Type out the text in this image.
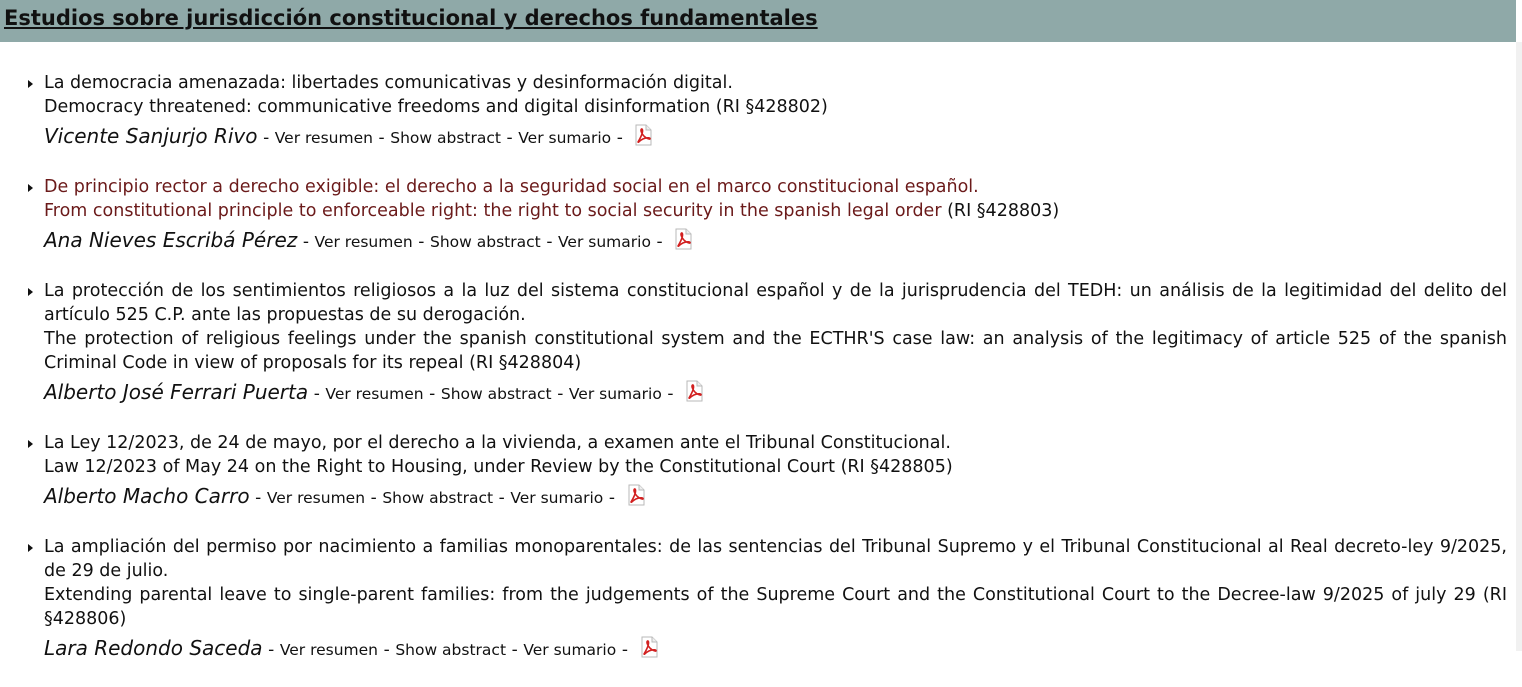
Estudios sobre jurisdicción constitucional y derechos fundamentales
La democracia amenazada: libertades comunicativas y desinformación digital.
Democracy threatened: communicative freedoms and digital disinformation (RI §428802)
Vicente Sanjurjo Rivo - Ver resumen - Show abstract - Ver sumario -
De principio rector a derecho exigible: el derecho a la seguridad social en el marco constitucional español.
From constitutional principle to enforceable right: the right to social security in the spanish legal order (RI §428803)
Ana Nieves Escribá Pérez - Ver resumen - Show abstract - Ver sumario -
La protección de los sentimientos religiosos a la luz del sistema constitucional español y de la jurisprudencia del TEDH: un análisis de la legitimidad del delito del artículo 525 C.P. ante las propuestas de su derogación.
The protection of religious feelings under the spanish constitutional system and the ECTHR'S case law: an analysis of the legitimacy of article 525 of the spanish Criminal Code in view of proposals for its repeal (RI §428804)
Alberto José Ferrari Puerta - Ver resumen - Show abstract - Ver sumario -
La Ley 12/2023, de 24 de mayo, por el derecho a la vivienda, a examen ante el Tribunal Constitucional.
Law 12/2023 of May 24 on the Right to Housing, under Review by the Constitutional Court (RI §428805)
Alberto Macho Carro - Ver resumen - Show abstract - Ver sumario -
La ampliación del permiso por nacimiento a familias monoparentales: de las sentencias del Tribunal Supremo y el Tribunal Constitucional al Real decreto-ley 9/2025, de 29 de julio.
Extending parental leave to single-parent families: from the judgements of the Supreme Court and the Constitutional Court to the Decree-law 9/2025 of july 29 (RI §428806)
Lara Redondo Saceda - Ver resumen - Show abstract - Ver sumario -
